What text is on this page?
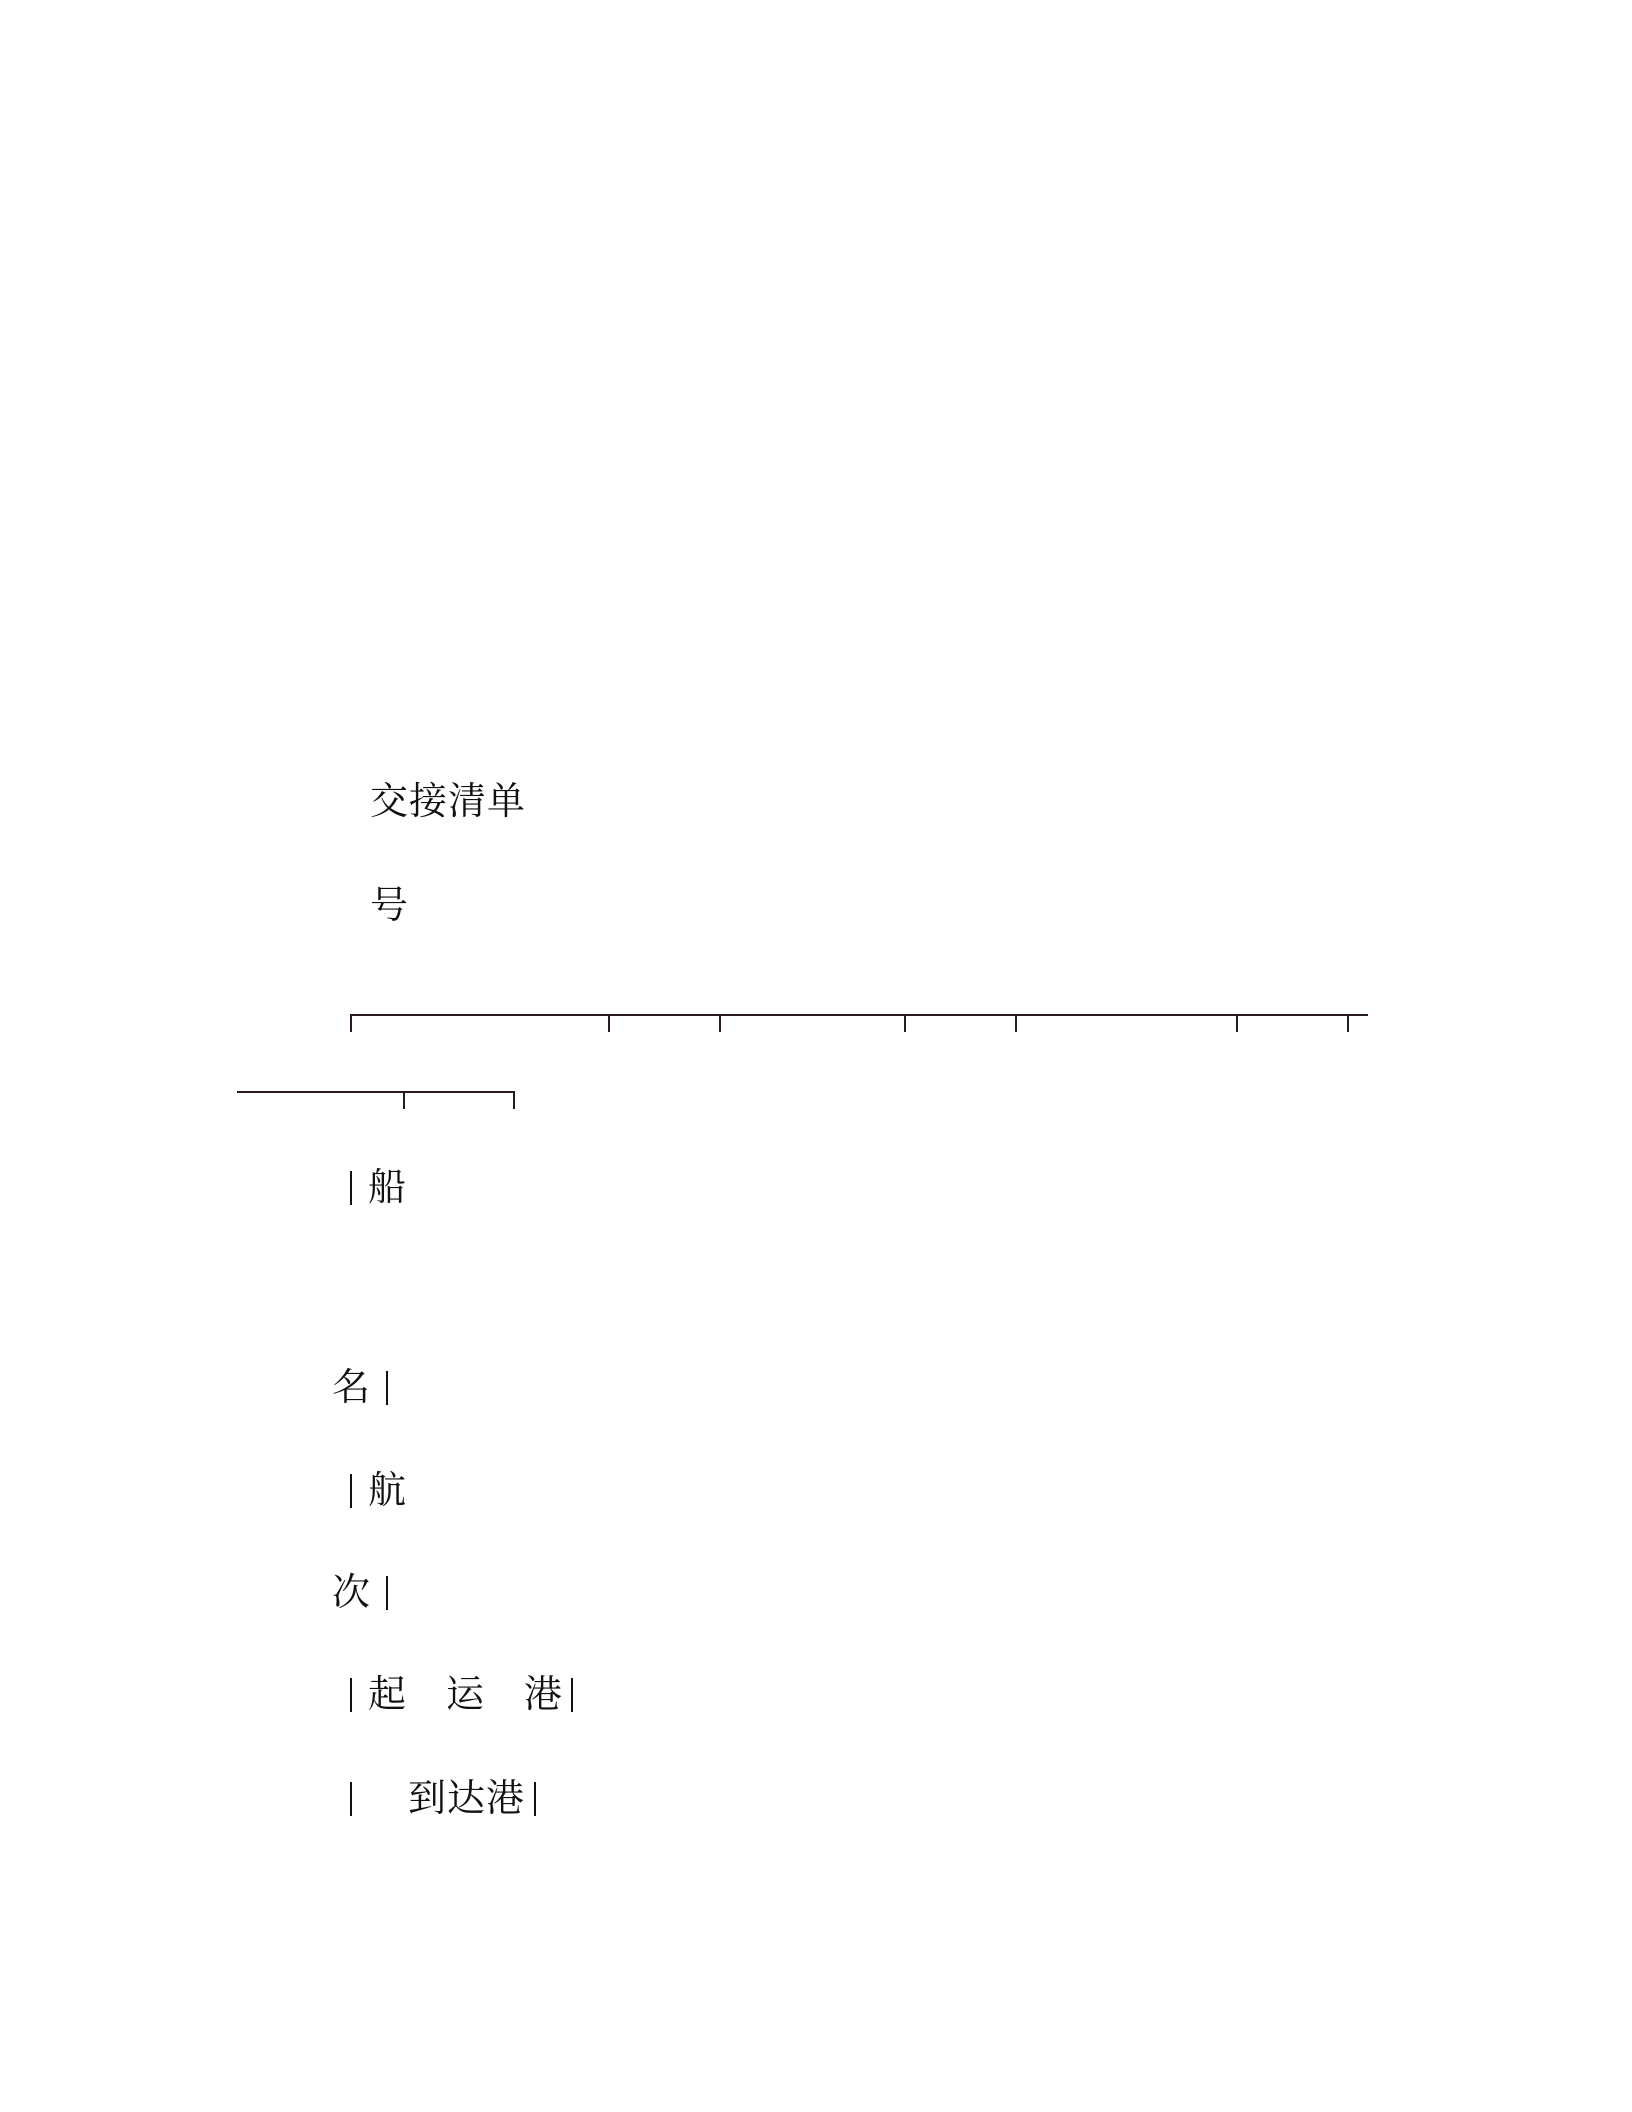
交接清单
号
船
名
航
次
起　运　港
到达港
